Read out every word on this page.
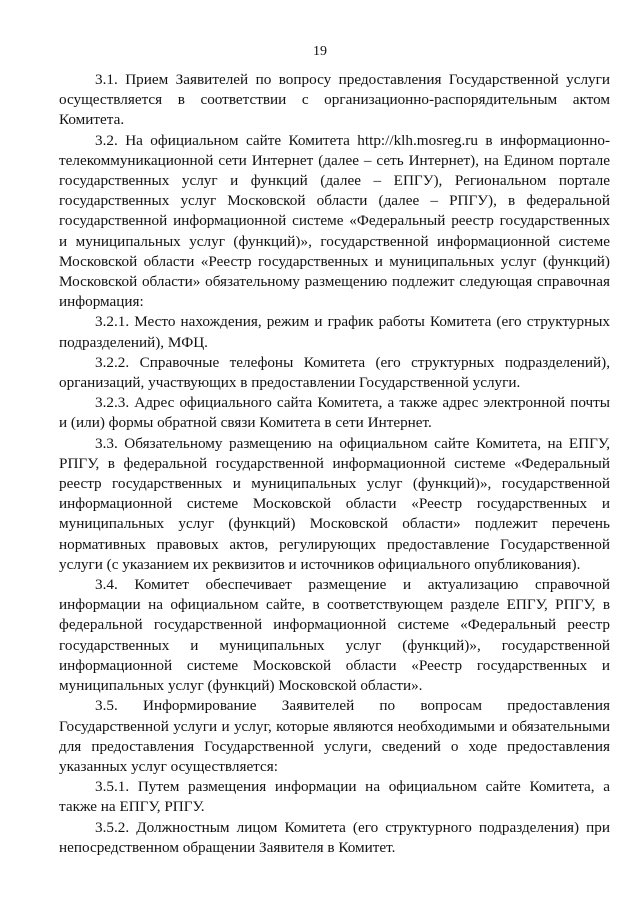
19

3.1. Прием Заявителей по вопросу предоставления Государственной услуги осуществляется в соответствии с организационно-распорядительным актом Комитета.

3.2. На официальном сайте Комитета http://klh.mosreg.ru в информационно-телекоммуникационной сети Интернет (далее – сеть Интернет), на Едином портале государственных услуг и функций (далее – ЕПГУ), Региональном портале государственных услуг Московской области (далее – РПГУ), в федеральной государственной информационной системе «Федеральный реестр государственных и муниципальных услуг (функций)», государственной информационной системе Московской области «Реестр государственных и муниципальных услуг (функций) Московской области» обязательному размещению подлежит следующая справочная информация:

3.2.1. Место нахождения, режим и график работы Комитета (его структурных подразделений), МФЦ.

3.2.2. Справочные телефоны Комитета (его структурных подразделений), организаций, участвующих в предоставлении Государственной услуги.

3.2.3. Адрес официального сайта Комитета, а также адрес электронной почты и (или) формы обратной связи Комитета в сети Интернет.

3.3. Обязательному размещению на официальном сайте Комитета, на ЕПГУ, РПГУ, в федеральной государственной информационной системе «Федеральный реестр государственных и муниципальных услуг (функций)», государственной информационной системе Московской области «Реестр государственных и муниципальных услуг (функций) Московской области» подлежит перечень нормативных правовых актов, регулирующих предоставление Государственной услуги (с указанием их реквизитов и источников официального опубликования).

3.4. Комитет обеспечивает размещение и актуализацию справочной информации на официальном сайте, в соответствующем разделе ЕПГУ, РПГУ, в федеральной государственной информационной системе «Федеральный реестр государственных и муниципальных услуг (функций)», государственной информационной системе Московской области «Реестр государственных и муниципальных услуг (функций) Московской области».

3.5. Информирование Заявителей по вопросам предоставления Государственной услуги и услуг, которые являются необходимыми и обязательными для предоставления Государственной услуги, сведений о ходе предоставления указанных услуг осуществляется:

3.5.1. Путем размещения информации на официальном сайте Комитета, а также на ЕПГУ, РПГУ.

3.5.2. Должностным лицом Комитета (его структурного подразделения) при непосредственном обращении Заявителя в Комитет.
